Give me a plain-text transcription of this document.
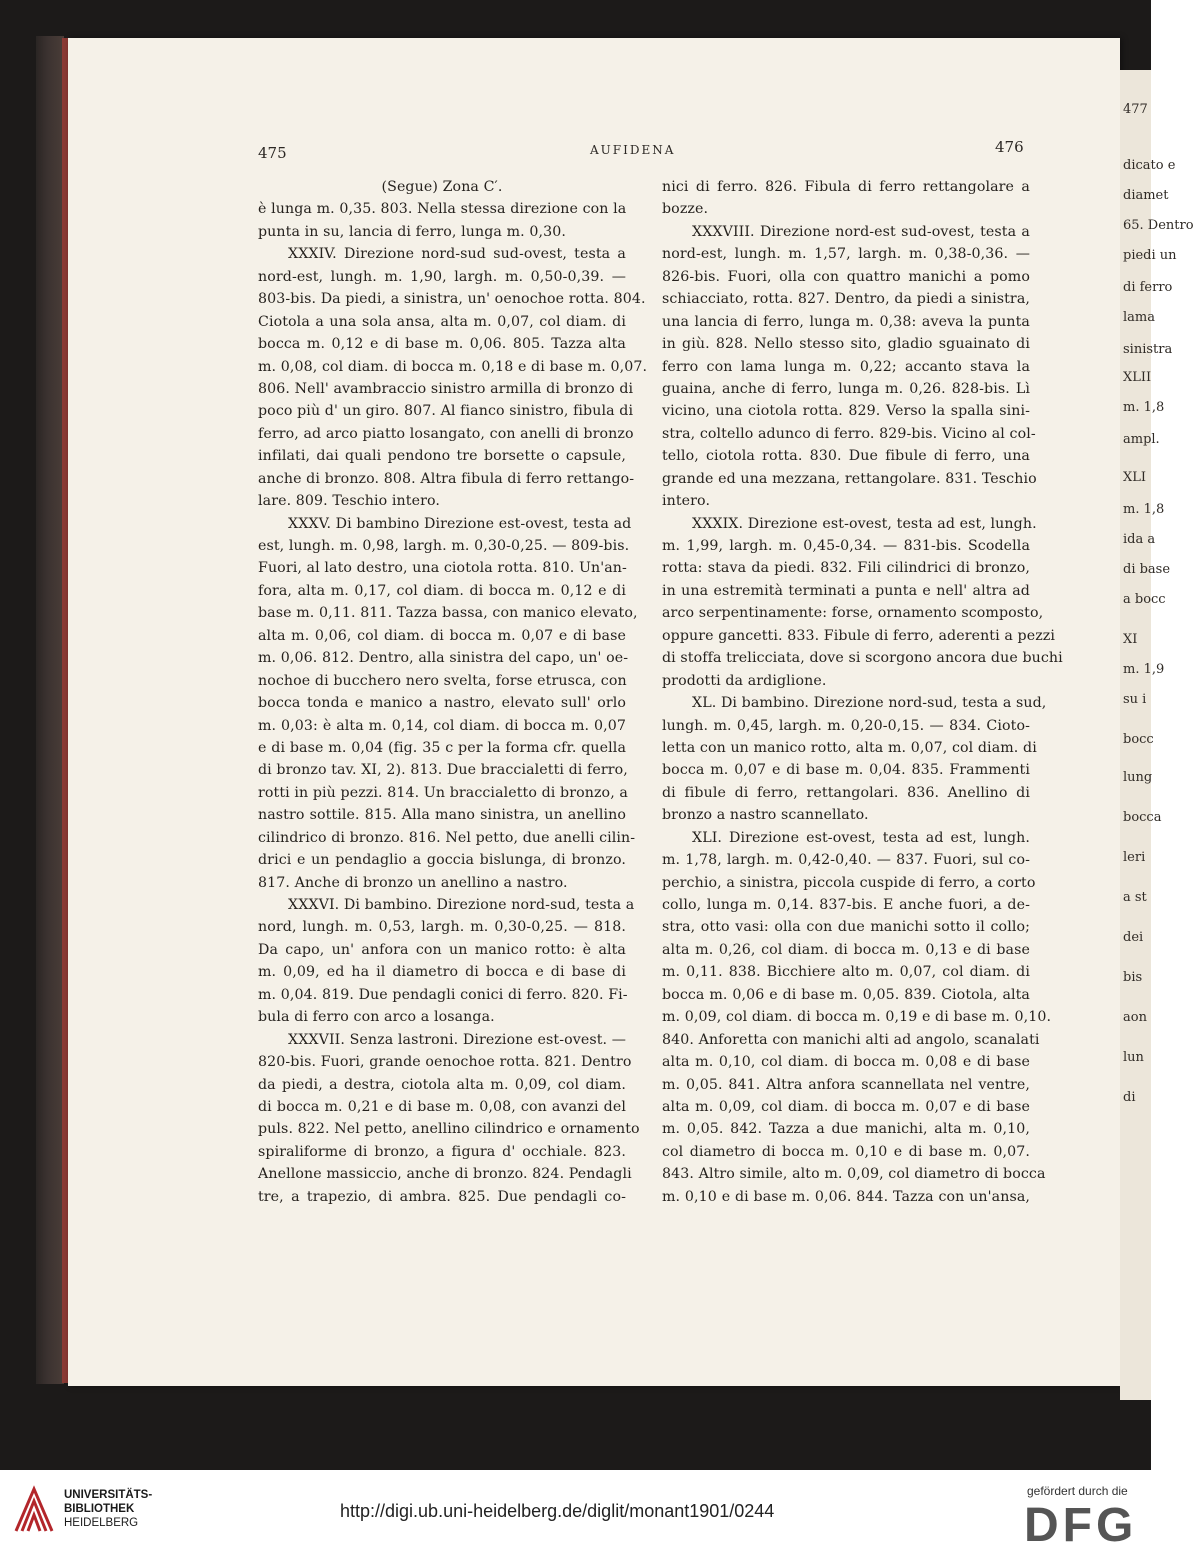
477
dicato e
diamet
65. Dentro
piedi un
di ferro
lama
sinistra
XLII
m. 1,8
ampl.
XLI
m. 1,8
ida a
di base
a bocc
XI
m. 1,9
su i
bocc
lung
bocca
leri
a st
dei
bis
aon
lun
di
475	AUFIDENA	476
(Segue) Zona C′.
è lunga m. 0,35. 803. Nella stessa direzione con la
punta in su, lancia di ferro, lunga m. 0,30.
XXXIV. Direzione nord-sud sud-ovest, testa a
nord-est, lungh. m. 1,90, largh. m. 0,50-0,39. —
803-bis. Da piedi, a sinistra, un' oenochoe rotta. 804.
Ciotola a una sola ansa, alta m. 0,07, col diam. di
bocca m. 0,12 e di base m. 0,06. 805. Tazza alta
m. 0,08, col diam. di bocca m. 0,18 e di base m. 0,07.
806. Nell' avambraccio sinistro armilla di bronzo di
poco più d' un giro. 807. Al fianco sinistro, fibula di
ferro, ad arco piatto losangato, con anelli di bronzo
infilati, dai quali pendono tre borsette o capsule,
anche di bronzo. 808. Altra fibula di ferro rettango-
lare. 809. Teschio intero.
XXXV. Di bambino Direzione est-ovest, testa ad
est, lungh. m. 0,98, largh. m. 0,30-0,25. — 809-bis.
Fuori, al lato destro, una ciotola rotta. 810. Un'an-
fora, alta m. 0,17, col diam. di bocca m. 0,12 e di
base m. 0,11. 811. Tazza bassa, con manico elevato,
alta m. 0,06, col diam. di bocca m. 0,07 e di base
m. 0,06. 812. Dentro, alla sinistra del capo, un' oe-
nochoe di bucchero nero svelta, forse etrusca, con
bocca tonda e manico a nastro, elevato sull' orlo
m. 0,03: è alta m. 0,14, col diam. di bocca m. 0,07
e di base m. 0,04 (fig. 35 c per la forma cfr. quella
di bronzo tav. XI, 2). 813. Due braccialetti di ferro,
rotti in più pezzi. 814. Un braccialetto di bronzo, a
nastro sottile. 815. Alla mano sinistra, un anellino
cilindrico di bronzo. 816. Nel petto, due anelli cilin-
drici e un pendaglio a goccia bislunga, di bronzo.
817. Anche di bronzo un anellino a nastro.
XXXVI. Di bambino. Direzione nord-sud, testa a
nord, lungh. m. 0,53, largh. m. 0,30-0,25. — 818.
Da capo, un' anfora con un manico rotto: è alta
m. 0,09, ed ha il diametro di bocca e di base di
m. 0,04. 819. Due pendagli conici di ferro. 820. Fi-
bula di ferro con arco a losanga.
XXXVII. Senza lastroni. Direzione est-ovest. —
820-bis. Fuori, grande oenochoe rotta. 821. Dentro
da piedi, a destra, ciotola alta m. 0,09, col diam.
di bocca m. 0,21 e di base m. 0,08, con avanzi del
puls. 822. Nel petto, anellino cilindrico e ornamento
spiraliforme di bronzo, a figura d' occhiale. 823.
Anellone massiccio, anche di bronzo. 824. Pendagli
tre, a trapezio, di ambra. 825. Due pendagli co-
nici di ferro. 826. Fibula di ferro rettangolare a
bozze.
XXXVIII. Direzione nord-est sud-ovest, testa a
nord-est, lungh. m. 1,57, largh. m. 0,38-0,36. —
826-bis. Fuori, olla con quattro manichi a pomo
schiacciato, rotta. 827. Dentro, da piedi a sinistra,
una lancia di ferro, lunga m. 0,38: aveva la punta
in giù. 828. Nello stesso sito, gladio sguainato di
ferro con lama lunga m. 0,22; accanto stava la
guaina, anche di ferro, lunga m. 0,26. 828-bis. Lì
vicino, una ciotola rotta. 829. Verso la spalla sini-
stra, coltello adunco di ferro. 829-bis. Vicino al col-
tello, ciotola rotta. 830. Due fibule di ferro, una
grande ed una mezzana, rettangolare. 831. Teschio
intero.
XXXIX. Direzione est-ovest, testa ad est, lungh.
m. 1,99, largh. m. 0,45-0,34. — 831-bis. Scodella
rotta: stava da piedi. 832. Fili cilindrici di bronzo,
in una estremità terminati a punta e nell' altra ad
arco serpentinamente: forse, ornamento scomposto,
oppure gancetti. 833. Fibule di ferro, aderenti a pezzi
di stoffa trelicciata, dove si scorgono ancora due buchi
prodotti da ardiglione.
XL. Di bambino. Direzione nord-sud, testa a sud,
lungh. m. 0,45, largh. m. 0,20-0,15. — 834. Cioto-
letta con un manico rotto, alta m. 0,07, col diam. di
bocca m. 0,07 e di base m. 0,04. 835. Frammenti
di fibule di ferro, rettangolari. 836. Anellino di
bronzo a nastro scannellato.
XLI. Direzione est-ovest, testa ad est, lungh.
m. 1,78, largh. m. 0,42-0,40. — 837. Fuori, sul co-
perchio, a sinistra, piccola cuspide di ferro, a corto
collo, lunga m. 0,14. 837-bis. E anche fuori, a de-
stra, otto vasi: olla con due manichi sotto il collo;
alta m. 0,26, col diam. di bocca m. 0,13 e di base
m. 0,11. 838. Bicchiere alto m. 0,07, col diam. di
bocca m. 0,06 e di base m. 0,05. 839. Ciotola, alta
m. 0,09, col diam. di bocca m. 0,19 e di base m. 0,10.
840. Anforetta con manichi alti ad angolo, scanalati
alta m. 0,10, col diam. di bocca m. 0,08 e di base
m. 0,05. 841. Altra anfora scannellata nel ventre,
alta m. 0,09, col diam. di bocca m. 0,07 e di base
m. 0,05. 842. Tazza a due manichi, alta m. 0,10,
col diametro di bocca m. 0,10 e di base m. 0,07.
843. Altro simile, alto m. 0,09, col diametro di bocca
m. 0,10 e di base m. 0,06. 844. Tazza con un'ansa,
UNIVERSITÄTS-
BIBLIOTHEK
HEIDELBERG
http://digi.ub.uni-heidelberg.de/diglit/monant1901/0244
gefördert durch die
DFG
